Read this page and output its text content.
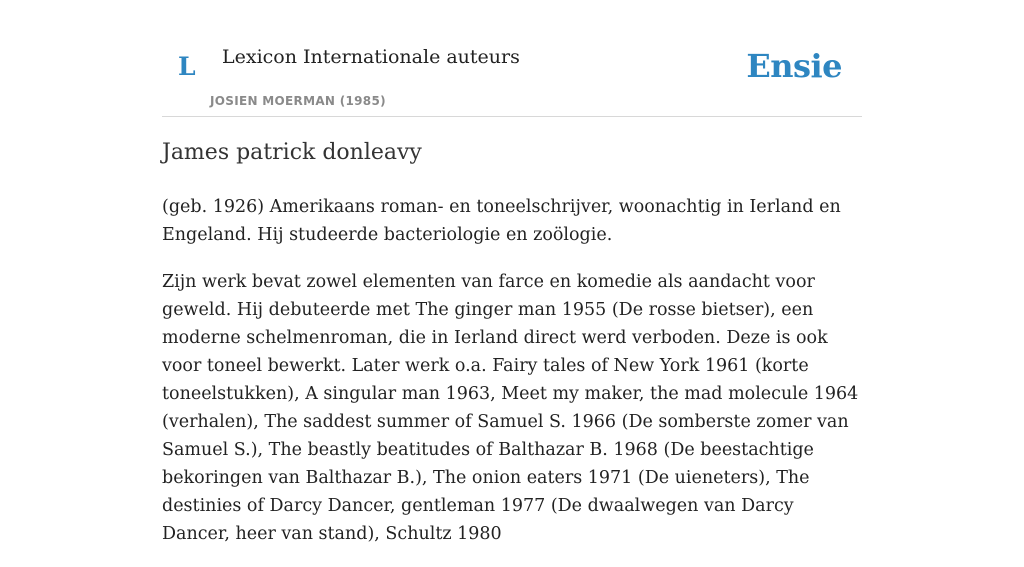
L Lexicon Internationale auteurs
JOSIEN MOERMAN (1985)
Ensie
James patrick donleavy

(geb. 1926) Amerikaans roman- en toneelschrijver, woonachtig in Ierland en Engeland. Hij studeerde bacteriologie en zoölogie.

Zijn werk bevat zowel elementen van farce en komedie als aandacht voor geweld. Hij debuteerde met The ginger man 1955 (De rosse bietser), een moderne schelmenroman, die in Ierland direct werd verboden. Deze is ook voor toneel bewerkt. Later werk o.a. Fairy tales of New York 1961 (korte toneelstukken), A singular man 1963, Meet my maker, the mad molecule 1964 (verhalen), The saddest summer of Samuel S. 1966 (De somberste zomer van Samuel S.), The beastly beatitudes of Balthazar B. 1968 (De beestachtige bekoringen van Balthazar B.), The onion eaters 1971 (De uieneters), The destinies of Darcy Dancer, gentleman 1977 (De dwaalwegen van Darcy Dancer, heer van stand), Schultz 1980
